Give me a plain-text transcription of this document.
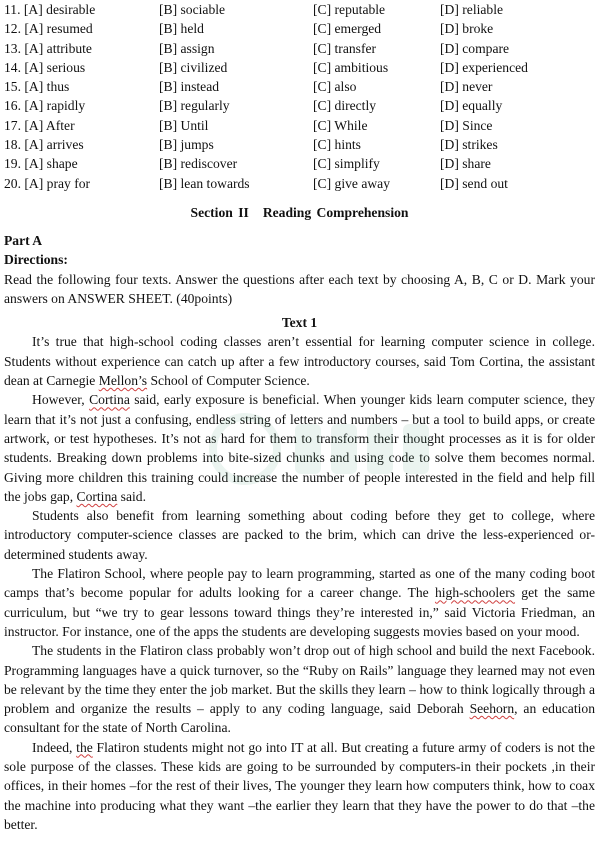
11. [A] desirable	[B] sociable	[C] reputable	[D] reliable
12. [A] resumed	[B] held	[C] emerged	[D] broke
13. [A] attribute	[B] assign	[C] transfer	[D] compare
14. [A] serious	[B] civilized	[C] ambitious	[D] experienced
15. [A] thus	[B] instead	[C] also	[D] never
16. [A] rapidly	[B] regularly	[C] directly	[D] equally
17. [A] After	[B] Until	[C] While	[D] Since
18. [A] arrives	[B] jumps	[C] hints	[D] strikes
19. [A] shape	[B] rediscover	[C] simplify	[D] share
20. [A] pray for	[B] lean towards	[C] give away	[D] send out
Section II Reading Comprehension
Part A
Directions:

Read the following four texts. Answer the questions after each text by choosing A, B, C or D. Mark your answers on ANSWER SHEET. (40points)

Text 1

It’s true that high-school coding classes aren’t essential for learning computer science in college. Students without experience can catch up after a few introductory courses, said Tom Cortina, the assistant dean at Carnegie Mellon’s School of Computer Science.

However, Cortina said, early exposure is beneficial. When younger kids learn computer science, they learn that it’s not just a confusing, endless string of letters and numbers – but a tool to build apps, or create artwork, or test hypotheses. It’s not as hard for them to transform their thought processes as it is for older students. Breaking down problems into bite-sized chunks and using code to solve them becomes normal. Giving more children this training could increase the number of people interested in the field and help fill the jobs gap, Cortina said.

Students also benefit from learning something about coding before they get to college, where introductory computer-science classes are packed to the brim, which can drive the less-experienced or-determined students away.

The Flatiron School, where people pay to learn programming, started as one of the many coding boot camps that’s become popular for adults looking for a career change. The high-schoolers get the same curriculum, but “we try to gear lessons toward things they’re interested in,” said Victoria Friedman, an instructor. For instance, one of the apps the students are developing suggests movies based on your mood.

The students in the Flatiron class probably won’t drop out of high school and build the next Facebook. Programming languages have a quick turnover, so the “Ruby on Rails” language they learned may not even be relevant by the time they enter the job market. But the skills they learn – how to think logically through a problem and organize the results – apply to any coding language, said Deborah Seehorn, an education consultant for the state of North Carolina.

Indeed, the Flatiron students might not go into IT at all. But creating a future army of coders is not the sole purpose of the classes. These kids are going to be surrounded by computers-in their pockets ,in their offices, in their homes –for the rest of their lives, The younger they learn how computers think, how to coax the machine into producing what they want –the earlier they learn that they have the power to do that –the better.
